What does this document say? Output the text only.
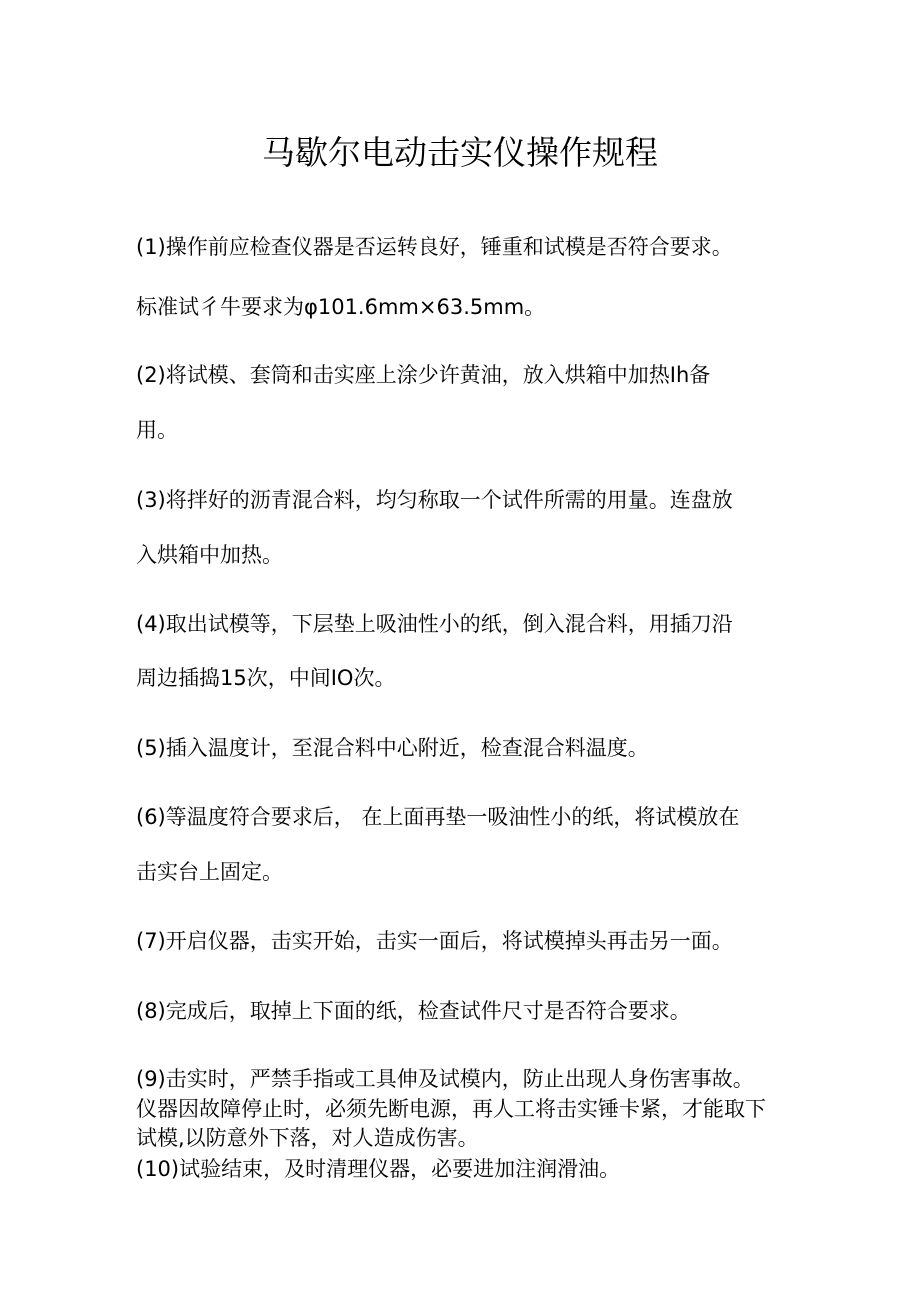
马歇尔电动击实仪操作规程
(1)操作前应检查仪器是否运转良好，锤重和试模是否符合要求。
标准试彳牛要求为φ101.6mm×63.5mm。
(2)将试模、套筒和击实座上涂少许黄油，放入烘箱中加热Ih备
用。
(3)将拌好的沥青混合料，均匀称取一个试件所需的用量。连盘放
入烘箱中加热。
(4)取出试模等，下层垫上吸油性小的纸，倒入混合料，用插刀沿
周边插捣15次，中间IO次。
(5)插入温度计，至混合料中心附近，检查混合料温度。
(6)等温度符合要求后， 在上面再垫一吸油性小的纸，将试模放在
击实台上固定。
(7)开启仪器，击实开始，击实一面后，将试模掉头再击另一面。
(8)完成后，取掉上下面的纸，检查试件尺寸是否符合要求。
(9)击实时，严禁手指或工具伸及试模内，防止出现人身伤害事故。
仪器因故障停止时，必须先断电源，再人工将击实锤卡紧，才能取下
试模,以防意外下落，对人造成伤害。
(10)试验结束，及时清理仪器，必要进加注润滑油。
